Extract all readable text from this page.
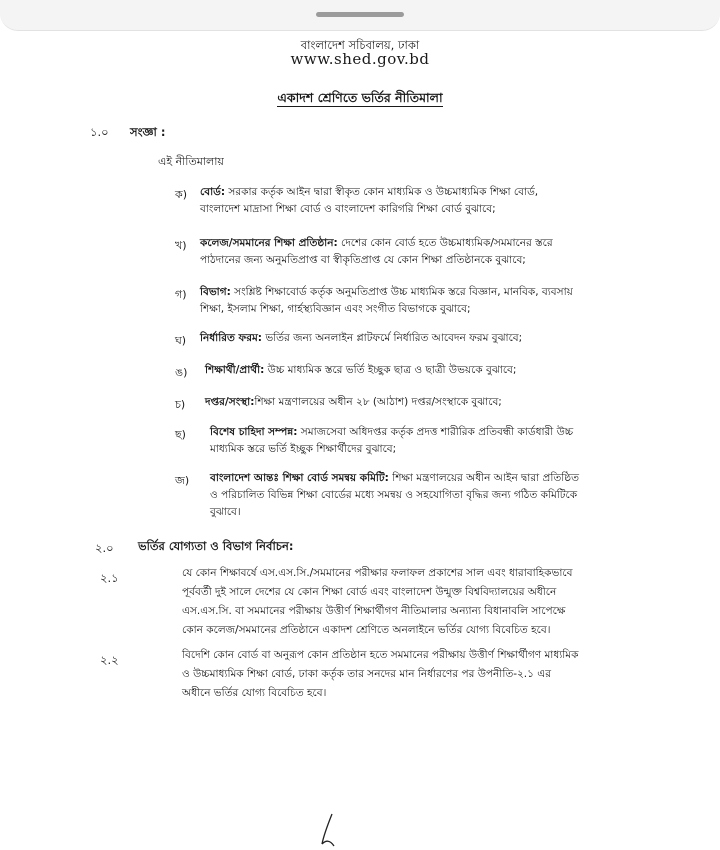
বাংলাদেশ সচিবালয়, ঢাকা
www.shed.gov.bd
একাদশ শ্রেণিতে ভর্তির নীতিমালা
১.০ সংজ্ঞা :
এই নীতিমালায়
ক) বোর্ড: সরকার কর্তৃক আইন দ্বারা স্বীকৃত কোন মাধ্যমিক ও উচ্চমাধ্যমিক শিক্ষা বোর্ড,
বাংলাদেশ মাদ্রাসা শিক্ষা বোর্ড ও বাংলাদেশ কারিগরি শিক্ষা বোর্ড বুঝাবে;
খ) কলেজ/সমমানের শিক্ষা প্রতিষ্ঠান: দেশের কোন বোর্ড হতে উচ্চমাধ্যমিক/সমমানের স্তরে
পাঠদানের জন্য অনুমতিপ্রাপ্ত বা স্বীকৃতিপ্রাপ্ত যে কোন শিক্ষা প্রতিষ্ঠানকে বুঝাবে;
গ) বিভাগ: সংশ্লিষ্ট শিক্ষাবোর্ড কর্তৃক অনুমতিপ্রাপ্ত উচ্চ মাধ্যমিক স্তরে বিজ্ঞান, মানবিক, ব্যবসায়
শিক্ষা, ইসলাম শিক্ষা, গার্হস্থ্যবিজ্ঞান এবং সংগীত বিভাগকে বুঝাবে;
ঘ) নির্ধারিত ফরম: ভর্তির জন্য অনলাইন প্লাটফর্মে নির্ধারিত আবেদন ফরম বুঝাবে;
ঙ) শিক্ষার্থী/প্রার্থী: উচ্চ মাধ্যমিক স্তরে ভর্তি ইচ্ছুক ছাত্র ও ছাত্রী উভয়কে বুঝাবে;
চ) দপ্তর/সংস্থা:শিক্ষা মন্ত্রণালয়ের অধীন ২৮ (আঠাশ) দপ্তর/সংস্থাকে বুঝাবে;
ছ) বিশেষ চাহিদা সম্পন্ন: সমাজসেবা অধিদপ্তর কর্তৃক প্রদত্ত শারীরিক প্রতিবন্ধী কার্ডধারী উচ্চ
মাধ্যমিক স্তরে ভর্তি ইচ্ছুক শিক্ষার্থীদের বুঝাবে;
জ) বাংলাদেশ আন্তঃ শিক্ষা বোর্ড সমন্বয় কমিটি: শিক্ষা মন্ত্রণালয়ের অধীন আইন দ্বারা প্রতিষ্ঠিত
ও পরিচালিত বিভিন্ন শিক্ষা বোর্ডের মধ্যে সমন্বয় ও সহযোগিতা বৃদ্ধির জন্য গঠিত কমিটিকে
বুঝাবে।
২.০ ভর্তির যোগ্যতা ও বিভাগ নির্বাচন:
২.১	যে কোন শিক্ষাবর্ষে এস.এস.সি./সমমানের পরীক্ষার ফলাফল প্রকাশের সাল এবং ধারাবাহিকভাবে
পূর্ববর্তী দুই সালে দেশের যে কোন শিক্ষা বোর্ড এবং বাংলাদেশ উন্মুক্ত বিশ্ববিদ্যালয়ের অধীনে
এস.এস.সি. বা সমমানের পরীক্ষায় উত্তীর্ণ শিক্ষার্থীগণ নীতিমালার অন্যান্য বিধানাবলি সাপেক্ষে
কোন কলেজ/সমমানের প্রতিষ্ঠানে একাদশ শ্রেণিতে অনলাইনে ভর্তির যোগ্য বিবেচিত হবে।
২.২	বিদেশি কোন বোর্ড বা অনুরূপ কোন প্রতিষ্ঠান হতে সমমানের পরীক্ষায় উত্তীর্ণ শিক্ষার্থীগণ মাধ্যমিক
ও উচ্চমাধ্যমিক শিক্ষা বোর্ড, ঢাকা কর্তৃক তার সনদের মান নির্ধারণের পর উপনীতি-২.১ এর
অধীনে ভর্তির যোগ্য বিবেচিত হবে।
